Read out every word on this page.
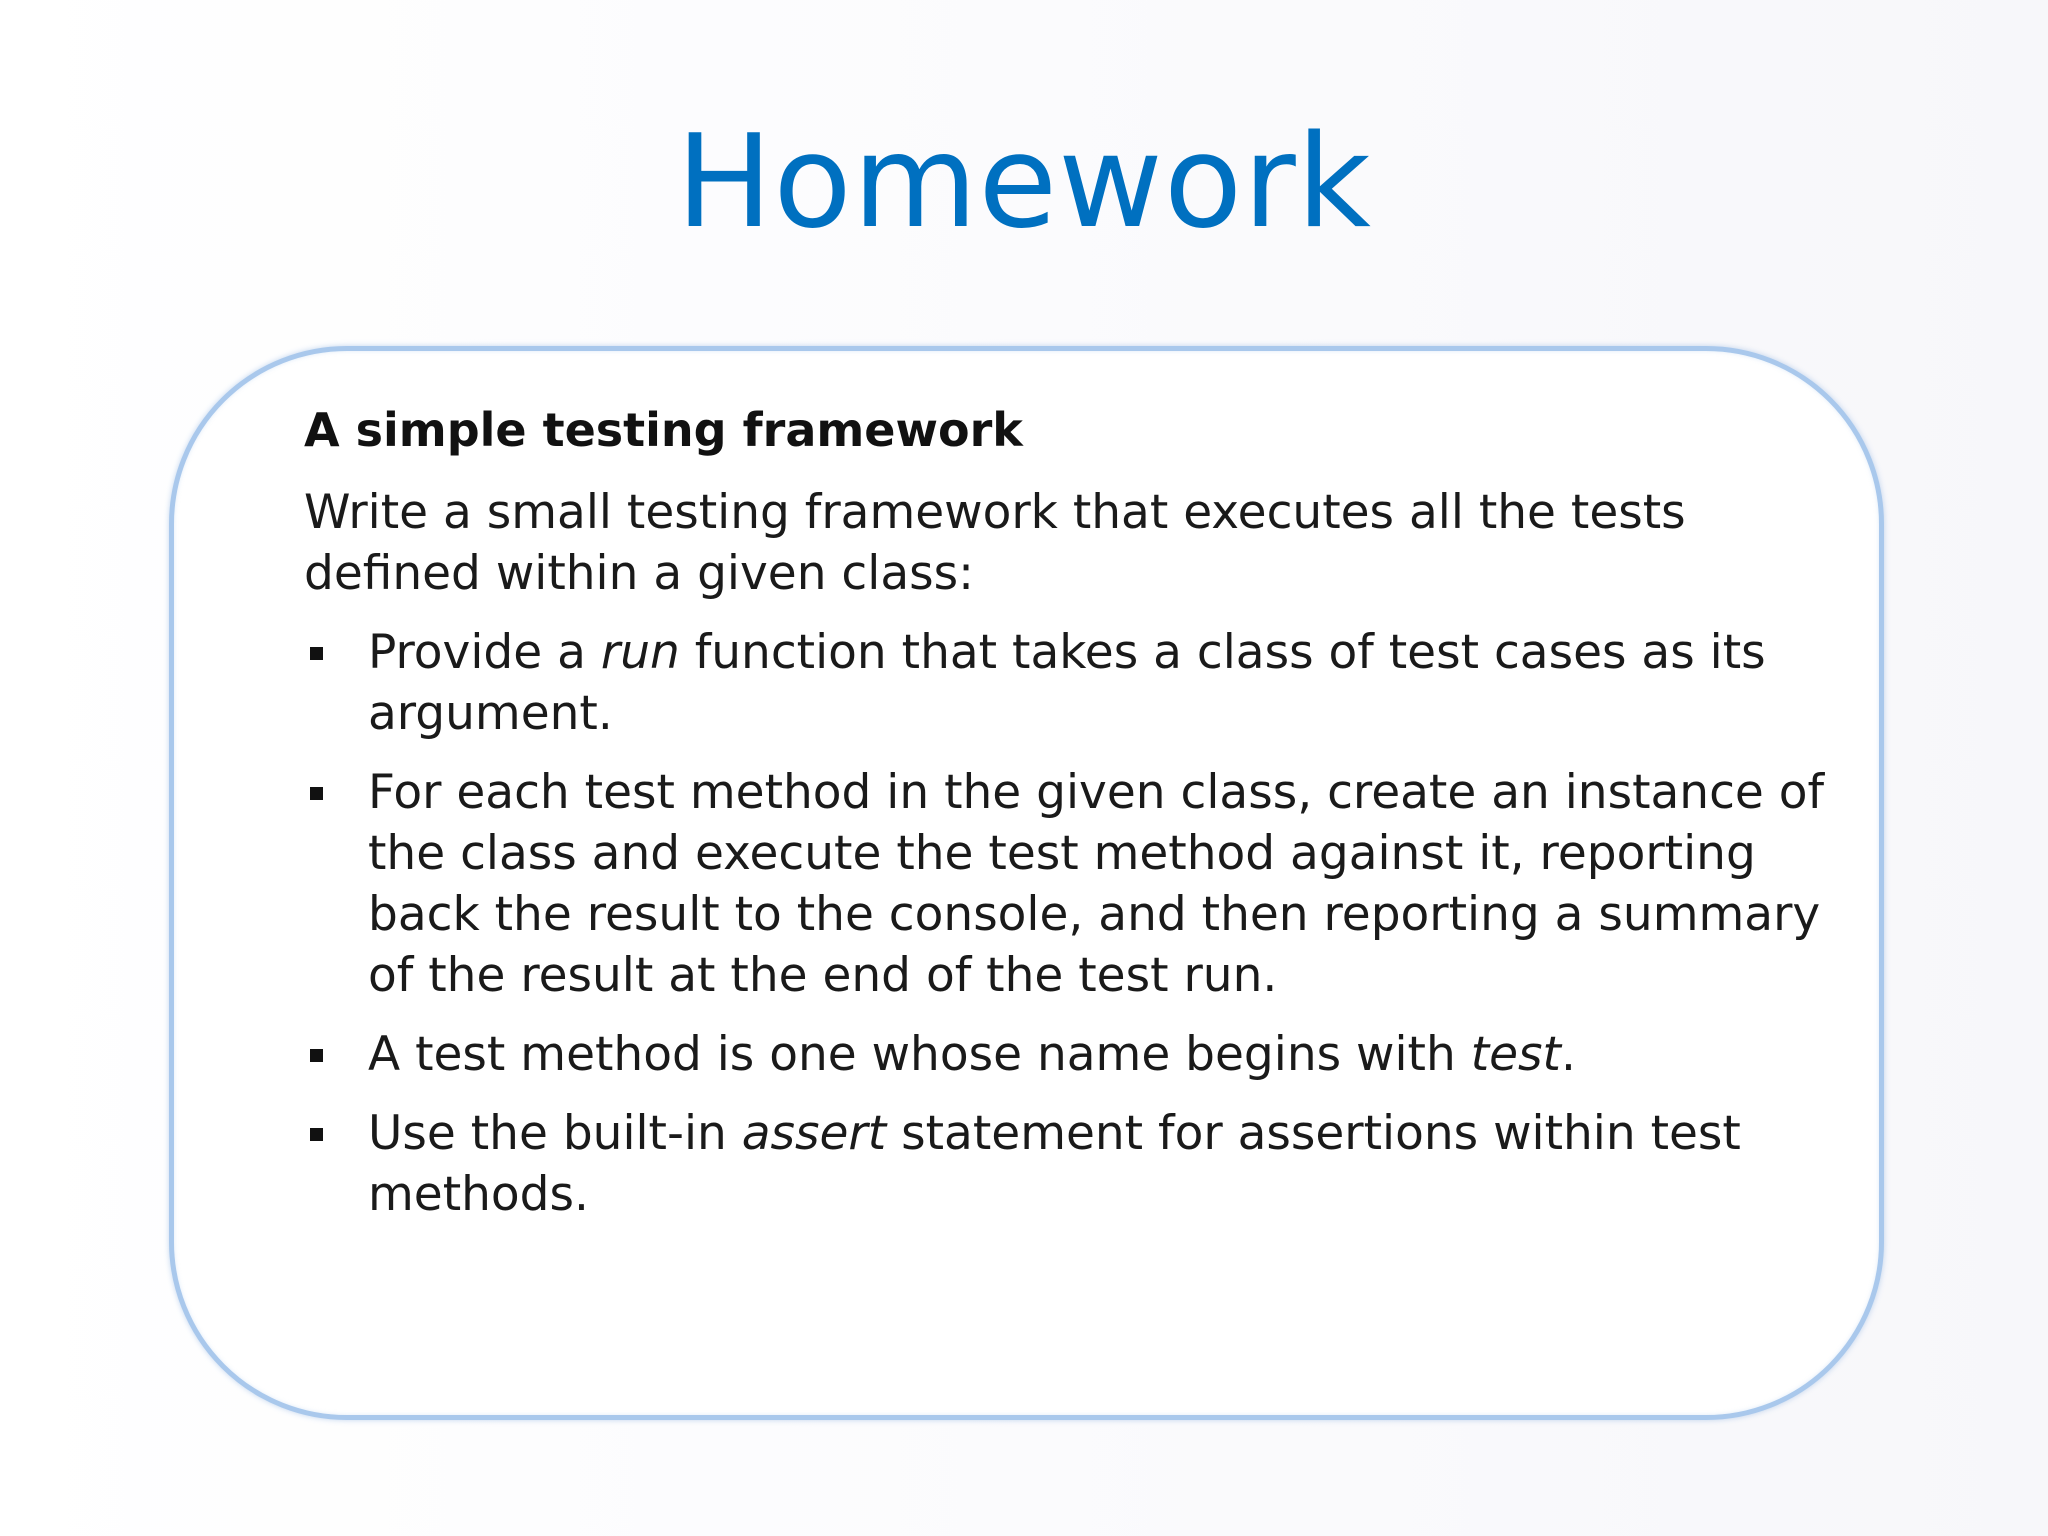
Homework
A simple testing framework

Write a small testing framework that executes all the tests defined within a given class:

Provide a run function that takes a class of test cases as its argument.
For each test method in the given class, create an instance of the class and execute the test method against it, reporting back the result to the console, and then reporting a summary of the result at the end of the test run.
A test method is one whose name begins with test.
Use the built-in assert statement for assertions within test methods.
